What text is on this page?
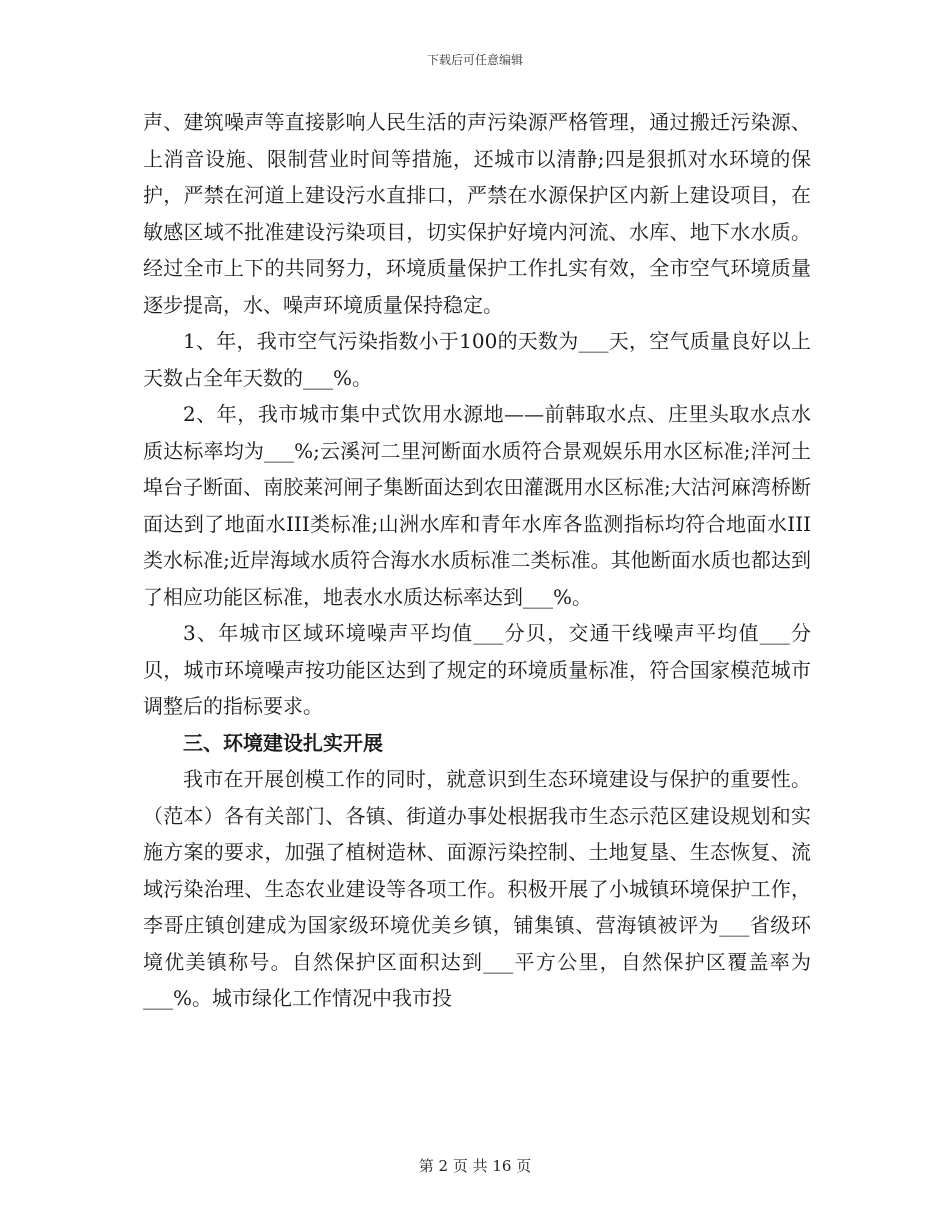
下载后可任意编辑

声、建筑噪声等直接影响人民生活的声污染源严格管理，通过搬迁污染源、上消音设施、限制营业时间等措施，还城市以清静;四是狠抓对水环境的保护，严禁在河道上建设污水直排口，严禁在水源保护区内新上建设项目，在敏感区域不批准建设污染项目，切实保护好境内河流、水库、地下水水质。经过全市上下的共同努力，环境质量保护工作扎实有效，全市空气环境质量逐步提高，水、噪声环境质量保持稳定。

1、年，我市空气污染指数小于100的天数为___天，空气质量良好以上天数占全年天数的___%。

2、年，我市城市集中式饮用水源地——前韩取水点、庄里头取水点水质达标率均为___%;云溪河二里河断面水质符合景观娱乐用水区标准;洋河土埠台子断面、南胶莱河闸子集断面达到农田灌溉用水区标准;大沽河麻湾桥断面达到了地面水III类标准;山洲水库和青年水库各监测指标均符合地面水III类水标准;近岸海域水质符合海水水质标准二类标准。其他断面水质也都达到了相应功能区标准，地表水水质达标率达到___%。

3、年城市区域环境噪声平均值___分贝，交通干线噪声平均值___分贝，城市环境噪声按功能区达到了规定的环境质量标准，符合国家模范城市调整后的指标要求。

三、环境建设扎实开展

我市在开展创模工作的同时，就意识到生态环境建设与保护的重要性。（范本）各有关部门、各镇、街道办事处根据我市生态示范区建设规划和实施方案的要求，加强了植树造林、面源污染控制、土地复垦、生态恢复、流域污染治理、生态农业建设等各项工作。积极开展了小城镇环境保护工作，李哥庄镇创建成为国家级环境优美乡镇，铺集镇、营海镇被评为___省级环境优美镇称号。自然保护区面积达到___平方公里，自然保护区覆盖率为___%。城市绿化工作情况中我市投

第 2 页 共 16 页
